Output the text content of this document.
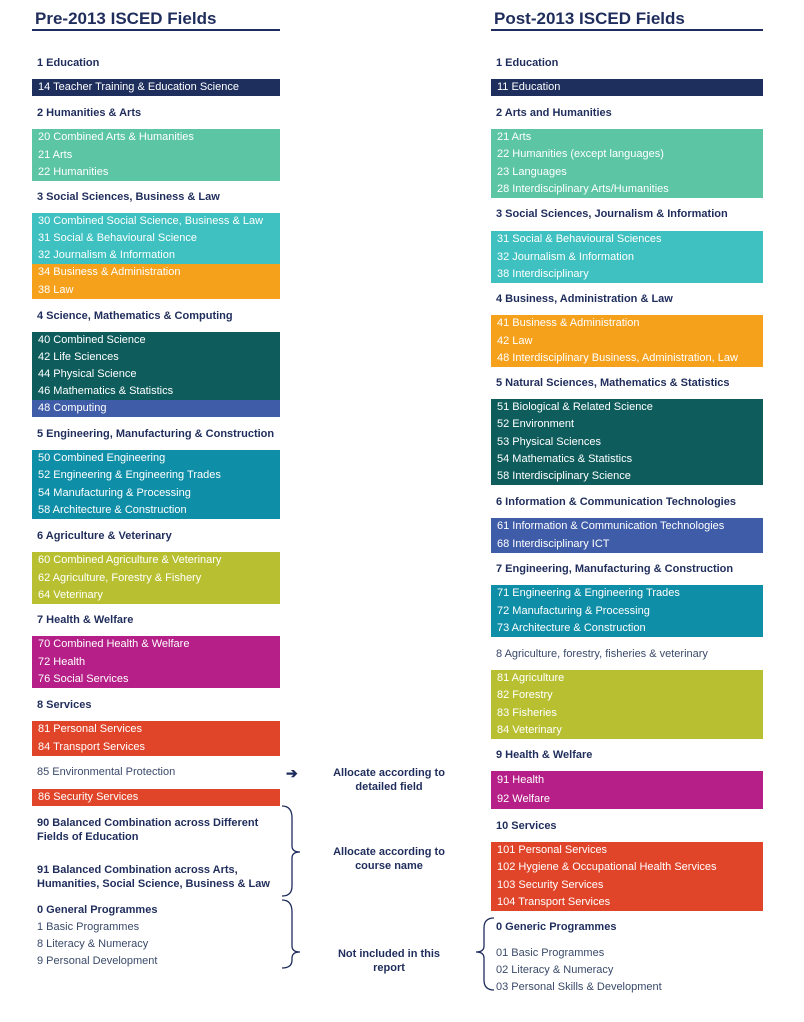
Pre-2013 ISCED Fields	Post-2013 ISCED Fields
1 Education
14 Teacher Training & Education Science
2 Humanities & Arts
20 Combined Arts & Humanities
21 Arts
22 Humanities
3 Social Sciences, Business & Law
30 Combined Social Science, Business & Law
31 Social & Behavioural Science
32 Journalism & Information
34 Business & Administration
38 Law
4 Science, Mathematics & Computing
40 Combined Science
42 Life Sciences
44 Physical Science
46 Mathematics & Statistics
48 Computing
5 Engineering, Manufacturing & Construction
50 Combined Engineering
52 Engineering & Engineering Trades
54 Manufacturing & Processing
58 Architecture & Construction
6 Agriculture & Veterinary
60 Combined Agriculture & Veterinary
62 Agriculture, Forestry & Fishery
64 Veterinary
7 Health & Welfare
70 Combined Health & Welfare
72 Health
76 Social Services
8 Services
81 Personal Services
84 Transport Services
85 Environmental Protection
86 Security Services
90 Balanced Combination across Different
Fields of Education
91 Balanced Combination across Arts,
Humanities, Social Science, Business & Law
0 General Programmes
1 Basic Programmes
8 Literacy & Numeracy
9 Personal Development
➔	Allocate according to
detailed field
Allocate according to
course name
Not included in this
report
1 Education
11 Education
2 Arts and Humanities
21 Arts
22 Humanities (except languages)
23 Languages
28 Interdisciplinary Arts/Humanities
3 Social Sciences, Journalism & Information
31 Social & Behavioural Sciences
32 Journalism & Information
38 Interdisciplinary
4 Business, Administration & Law
41 Business & Administration
42 Law
48 Interdisciplinary Business, Administration, Law
5 Natural Sciences, Mathematics & Statistics
51 Biological & Related Science
52 Environment
53 Physical Sciences
54 Mathematics & Statistics
58 Interdisciplinary Science
6 Information & Communication Technologies
61 Information & Communication Technologies
68 Interdisciplinary ICT
7 Engineering, Manufacturing & Construction
71 Engineering & Engineering Trades
72 Manufacturing & Processing
73 Architecture & Construction
8 Agriculture, forestry, fisheries & veterinary
81 Agriculture
82 Forestry
83 Fisheries
84 Veterinary
9 Health & Welfare
91 Health
92 Welfare
10 Services
101 Personal Services
102 Hygiene & Occupational Health Services
103 Security Services
104 Transport Services
0 Generic Programmes
01 Basic Programmes
02 Literacy & Numeracy
03 Personal Skills & Development
